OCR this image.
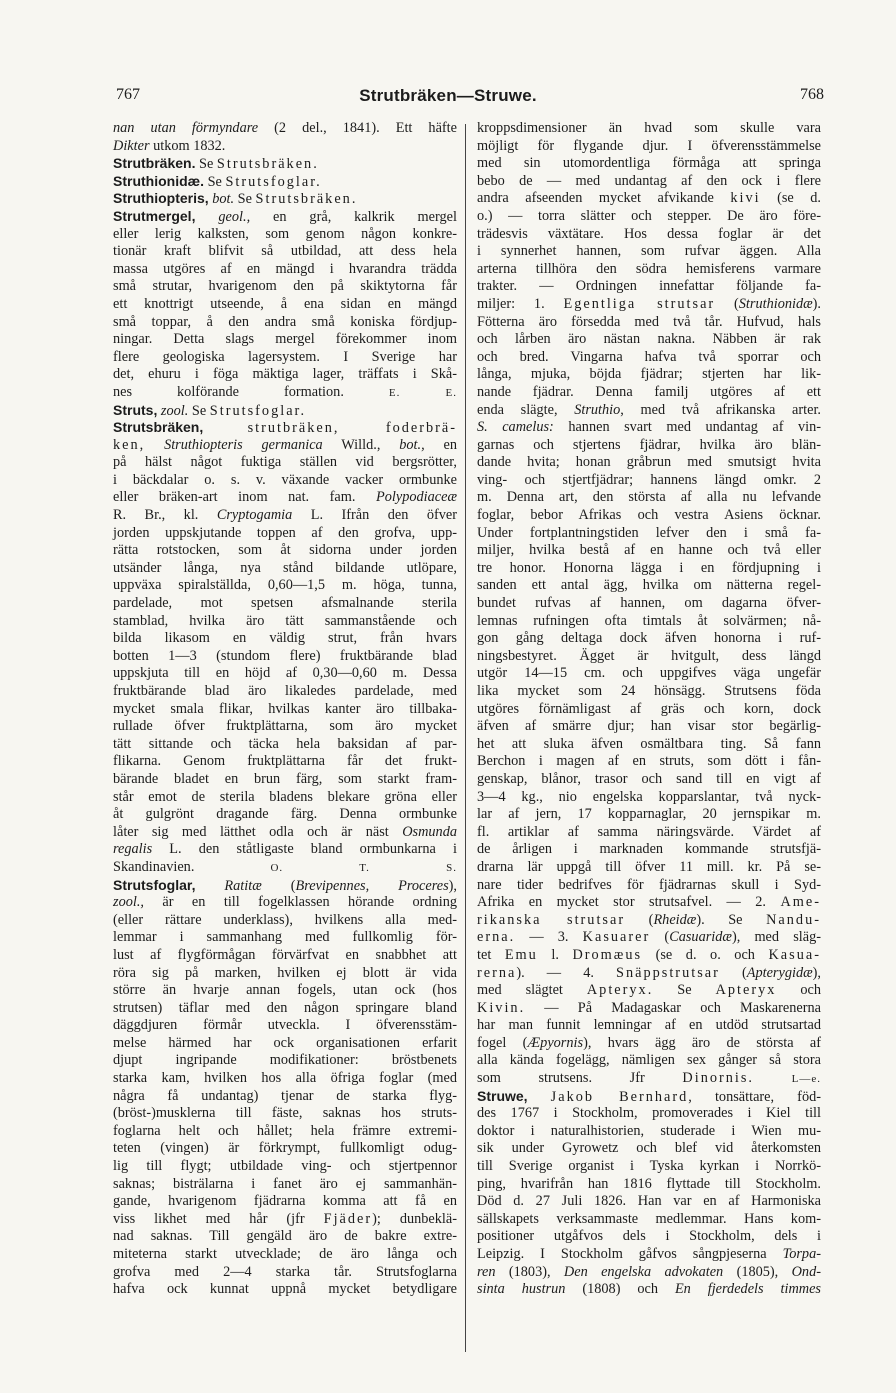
767	Strutbräken—Struwe.	768
nan utan förmyndare (2 del., 1841). Ett häfte
Dikter utkom 1832.
Strutbräken. Se Strutsbräken.
Struthionidæ. Se Strutsfoglar.
Struthiopteris, bot. Se Strutsbräken.
Strutmergel, geol., en grå, kalkrik mergel
eller lerig kalksten, som genom någon konkre-
tionär kraft blifvit så utbildad, att dess hela
massa utgöres af en mängd i hvarandra trädda
små strutar, hvarigenom den på skiktytorna får
ett knottrigt utseende, å ena sidan en mängd
små toppar, å den andra små koniska fördjup-
ningar. Detta slags mergel förekommer inom
flere geologiska lagersystem. I Sverige har
det, ehuru i föga mäktiga lager, träffats i Skå-
nes kolförande formation.	E. E.
Struts, zool. Se Strutsfoglar.
Strutsbräken,	strutbräken, foderbrä-
ken, Struthiopteris germanica Willd., bot., en
på hälst något fuktiga ställen vid bergsrötter,
i bäckdalar o. s. v. växande vacker ormbunke
eller bräken-art inom nat. fam. Polypodiaceæ
R. Br., kl. Cryptogamia L. Ifrån den öfver
jorden uppskjutande toppen af den grofva, upp-
rätta rotstocken, som åt sidorna under jorden
utsänder långa, nya stånd bildande utlöpare,
uppväxa spiralställda, 0,60—1,5 m. höga, tunna,
pardelade, mot spetsen afsmalnande sterila
stamblad, hvilka äro tätt sammanstående och
bilda likasom en väldig strut, från hvars
botten 1—3 (stundom flere) fruktbärande blad
uppskjuta till en höjd af 0,30—0,60 m. Dessa
fruktbärande blad äro likaledes pardelade, med
mycket smala flikar, hvilkas kanter äro tillbaka-
rullade öfver fruktplättarna, som äro mycket
tätt sittande och täcka hela baksidan af par-
flikarna. Genom fruktplättarna får det frukt-
bärande bladet en brun färg, som starkt fram-
står emot de sterila bladens blekare gröna eller
åt gulgrönt dragande färg. Denna ormbunke
låter sig med lätthet odla och är näst Osmunda
regalis L. den ståtligaste bland ormbunkarna i
Skandinavien.	O. T. S.
Strutsfoglar, Ratitæ (Brevipennes, Proceres),
zool., är en till fogelklassen hörande ordning
(eller rättare underklass), hvilkens alla med-
lemmar i sammanhang med fullkomlig för-
lust af flygförmågan förvärfvat en snabbhet att
röra sig på marken, hvilken ej blott är vida
större än hvarje annan fogels, utan ock (hos
strutsen) täflar med den någon springare bland
däggdjuren förmår utveckla. I öfverensstäm-
melse härmed har ock organisationen erfarit
djupt ingripande modifikationer: bröstbenets
starka kam, hvilken hos alla öfriga foglar (med
några få undantag) tjenar de starka flyg-
(bröst-)musklerna till fäste, saknas hos struts-
foglarna helt och hållet; hela främre extremi-
teten (vingen) är förkrympt, fullkomligt odug-
lig till flygt; utbildade ving- och stjertpennor
saknas; bisträlarna i fanet äro ej sammanhän-
gande, hvarigenom fjädrarna komma att få en
viss likhet med hår (jfr Fjäder); dunbeklä-
nad saknas. Till gengäld äro de bakre extre-
miteterna starkt utvecklade; de äro långa och
grofva med 2—4 starka tår. Strutsfoglarna
hafva ock kunnat uppnå mycket betydligare
kroppsdimensioner än hvad som skulle vara
möjligt för flygande djur. I öfverensstämmelse
med sin utomordentliga förmåga att springa
bebo de — med undantag af den ock i flere
andra afseenden mycket afvikande kivi (se d.
o.) — torra slätter och stepper. De äro före-
trädesvis växtätare. Hos dessa foglar är det
i synnerhet hannen, som rufvar äggen. Alla
arterna tillhöra den södra hemisferens varmare
trakter. — Ordningen innefattar följande fa-
miljer: 1. Egentliga strutsar (Struthionidæ).
Fötterna äro försedda med två tår. Hufvud, hals
och lårben äro nästan nakna. Näbben är rak
och bred. Vingarna hafva två sporrar och
långa, mjuka, böjda fjädrar; stjerten har lik-
nande fjädrar. Denna familj utgöres af ett
enda slägte, Struthio, med två afrikanska arter.
S. camelus: hannen svart med undantag af vin-
garnas och stjertens fjädrar, hvilka äro blän-
dande hvita; honan gråbrun med smutsigt hvita
ving- och stjertfjädrar; hannens längd omkr. 2
m. Denna art, den största af alla nu lefvande
foglar, bebor Afrikas och vestra Asiens öcknar.
Under fortplantningstiden lefver den i små fa-
miljer, hvilka bestå af en hanne och två eller
tre honor. Honorna lägga i en fördjupning i
sanden ett antal ägg, hvilka om nätterna regel-
bundet rufvas af hannen, om dagarna öfver-
lemnas rufningen ofta timtals åt solvärmen; nå-
gon gång deltaga dock äfven honorna i ruf-
ningsbestyret. Ägget är hvitgult, dess längd
utgör 14—15 cm. och uppgifves väga ungefär
lika mycket som 24 hönsägg. Strutsens föda
utgöres förnämligast af gräs och korn, dock
äfven af smärre djur; han visar stor begärlig-
het att sluka äfven osmältbara ting. Så fann
Berchon i magen af en struts, som dött i fån-
genskap, blånor, trasor och sand till en vigt af
3—4 kg., nio engelska kopparslantar, två nyck-
lar af jern, 17 kopparnaglar, 20 jernspikar m.
fl. artiklar af samma näringsvärde. Värdet af
de årligen i marknaden kommande strutsfjä-
drarna lär uppgå till öfver 11 mill. kr. På se-
nare tider bedrifves för fjädrarnas skull i Syd-
Afrika en mycket stor strutsafvel. — 2. Ame-
rikanska strutsar (Rheidæ). Se Nandu-
erna. — 3. Kasuarer (Casuaridæ), med släg-
tet Emu l. Dromæus (se d. o. och Kasua-
rerna). — 4. Snäppstrutsar (Apterygidæ),
med slägtet Apteryx. Se Apteryx och
Kivin. — På Madagaskar och Maskarenerna
har man funnit lemningar af en utdöd strutsartad
fogel (Æpyornis), hvars ägg äro de största af
alla kända fogelägg, nämligen sex gånger så stora
som strutsens. Jfr Dinornis.	L—e.
Struwe, Jakob Bernhard, tonsättare, föd-
des 1767 i Stockholm, promoverades i Kiel till
doktor i naturalhistorien, studerade i Wien mu-
sik under Gyrowetz och blef vid återkomsten
till Sverige organist i Tyska kyrkan i Norrkö-
ping, hvarifrån han 1816 flyttade till Stockholm.
Död d. 27 Juli 1826. Han var en af Harmoniska
sällskapets verksammaste medlemmar. Hans kom-
positioner utgåfvos dels i Stockholm, dels i
Leipzig. I Stockholm gåfvos sångpjeserna Torpa-
ren (1803), Den engelska advokaten (1805), Ond-
sinta hustrun (1808) och En fjerdedels timmes
